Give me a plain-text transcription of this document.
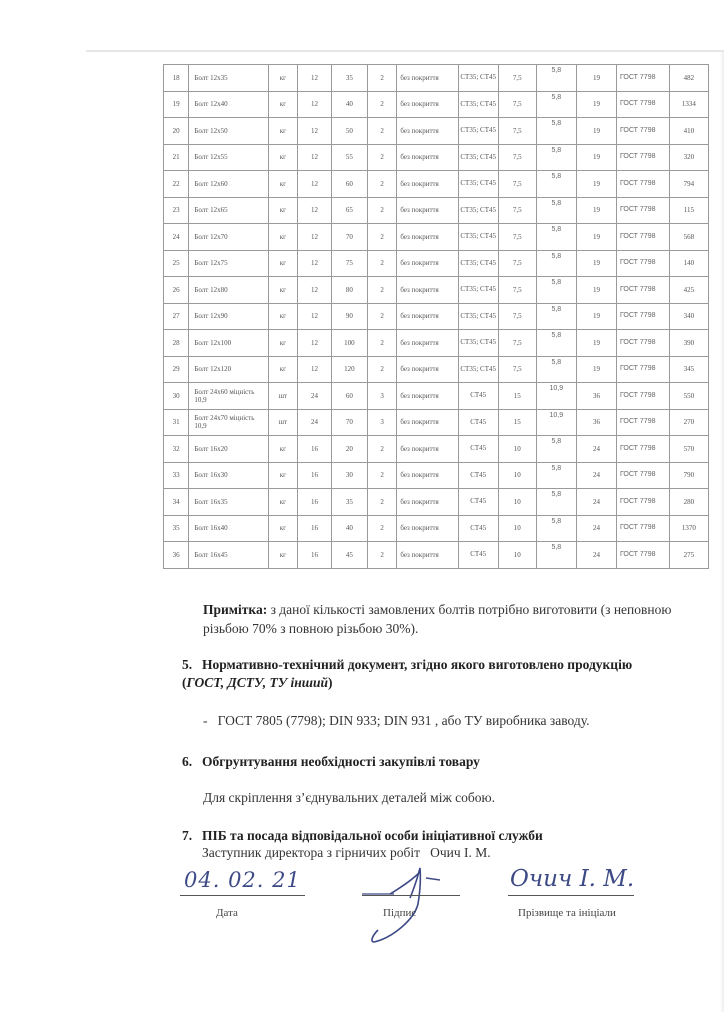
18	Болт 12х35	кг	12	35	2	без покриття	СТ35; СТ45	7,5	5,8	19	ГОСТ 7798	482
19	Болт 12х40	кг	12	40	2	без покриття	СТ35; СТ45	7,5	5,8	19	ГОСТ 7798	1334
20	Болт 12х50	кг	12	50	2	без покриття	СТ35; СТ45	7,5	5,8	19	ГОСТ 7798	410
21	Болт 12х55	кг	12	55	2	без покриття	СТ35; СТ45	7,5	5,8	19	ГОСТ 7798	320
22	Болт 12х60	кг	12	60	2	без покриття	СТ35; СТ45	7,5	5,8	19	ГОСТ 7798	794
23	Болт 12х65	кг	12	65	2	без покриття	СТ35; СТ45	7,5	5,8	19	ГОСТ 7798	115
24	Болт 12х70	кг	12	70	2	без покриття	СТ35; СТ45	7,5	5,8	19	ГОСТ 7798	568
25	Болт 12х75	кг	12	75	2	без покриття	СТ35; СТ45	7,5	5,8	19	ГОСТ 7798	140
26	Болт 12х80	кг	12	80	2	без покриття	СТ35; СТ45	7,5	5,8	19	ГОСТ 7798	425
27	Болт 12х90	кг	12	90	2	без покриття	СТ35; СТ45	7,5	5,8	19	ГОСТ 7798	340
28	Болт 12х100	кг	12	100	2	без покриття	СТ35; СТ45	7,5	5,8	19	ГОСТ 7798	390
29	Болт 12х120	кг	12	120	2	без покриття	СТ35; СТ45	7,5	5,8	19	ГОСТ 7798	345
30	Болт 24х60 міцність 10,9	шт	24	60	3	без покриття	СТ45	15	10,9	36	ГОСТ 7798	550
31	Болт 24х70 міцність 10,9	шт	24	70	3	без покриття	СТ45	15	10,9	36	ГОСТ 7798	270
32	Болт 16х20	кг	16	20	2	без покриття	СТ45	10	5,8	24	ГОСТ 7798	570
33	Болт 16х30	кг	16	30	2	без покриття	СТ45	10	5,8	24	ГОСТ 7798	790
34	Болт 16х35	кг	16	35	2	без покриття	СТ45	10	5,8	24	ГОСТ 7798	280
35	Болт 16х40	кг	16	40	2	без покриття	СТ45	10	5,8	24	ГОСТ 7798	1370
36	Болт 16х45	кг	16	45	2	без покриття	СТ45	10	5,8	24	ГОСТ 7798	275
Примітка: з даної кількості замовлених болтів потрібно виготовити (з неповною різьбою 70% з повною різьбою 30%).
5. Нормативно-технічний документ, згідно якого виготовлено продукцію (ГОСТ, ДСТУ, ТУ інший)
- ГОСТ 7805 (7798); DIN 933; DIN 931 , або ТУ виробника заводу.
6. Обгрунтування необхідності закупівлі товару
Для скріплення з’єднувальних деталей між собою.
7. ПІБ та посада відповідальної особи ініціативної служби
Заступник директора з гірничих робіт Очич І. М.
04. 02. 21
Дата	Підпис
Очич І. М.
Прізвище та ініціали
